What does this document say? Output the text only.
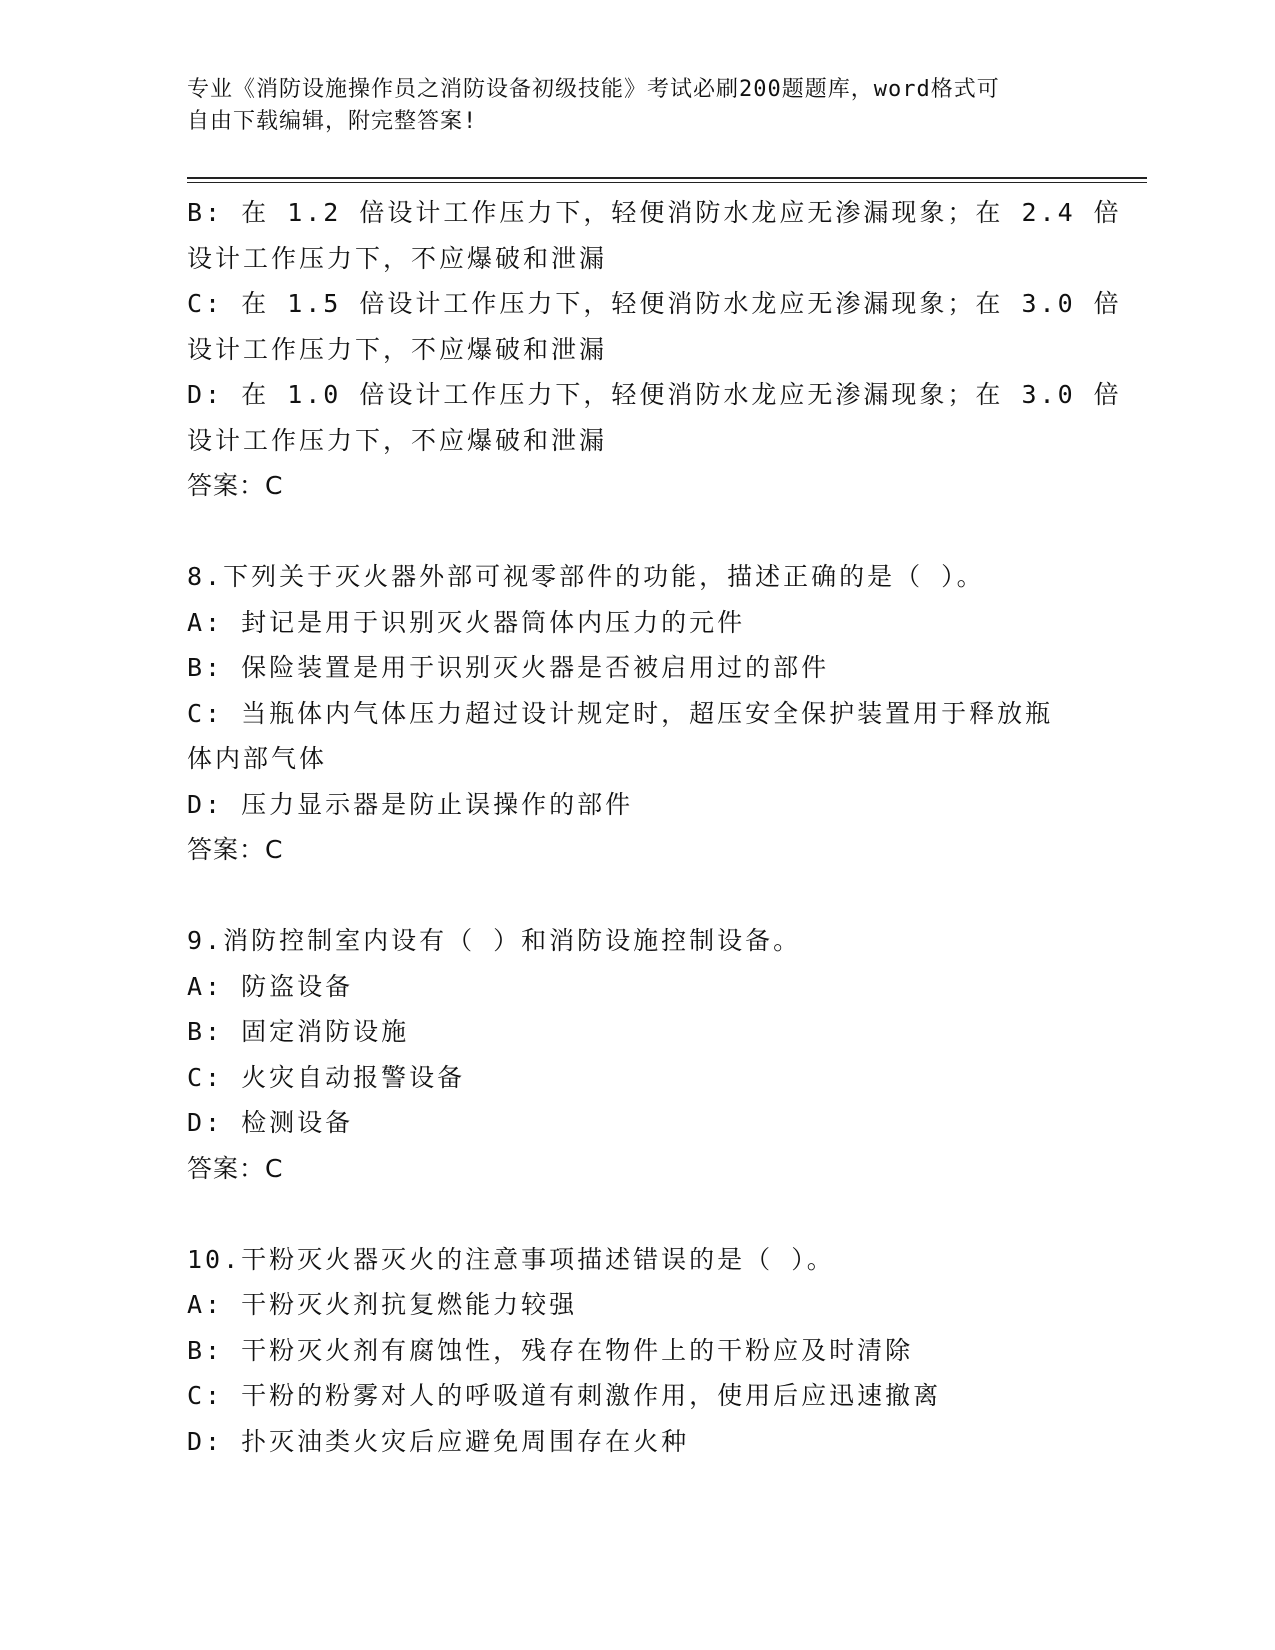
专业《消防设施操作员之消防设备初级技能》考试必刷200题题库，word格式可
自由下载编辑，附完整答案!
B: 在 1.2 倍设计工作压力下，轻便消防水龙应无渗漏现象；在 2.4 倍
设计工作压力下，不应爆破和泄漏
C: 在 1.5 倍设计工作压力下，轻便消防水龙应无渗漏现象；在 3.0 倍
设计工作压力下，不应爆破和泄漏
D: 在 1.0 倍设计工作压力下，轻便消防水龙应无渗漏现象；在 3.0 倍
设计工作压力下，不应爆破和泄漏
答案：C
8.下列关于灭火器外部可视零部件的功能，描述正确的是（ ）。
A: 封记是用于识别灭火器筒体内压力的元件
B: 保险装置是用于识别灭火器是否被启用过的部件
C: 当瓶体内气体压力超过设计规定时，超压安全保护装置用于释放瓶
体内部气体
D: 压力显示器是防止误操作的部件
答案：C
9.消防控制室内设有（ ）和消防设施控制设备。
A: 防盗设备
B: 固定消防设施
C: 火灾自动报警设备
D: 检测设备
答案：C
10.干粉灭火器灭火的注意事项描述错误的是（ ）。
A: 干粉灭火剂抗复燃能力较强
B: 干粉灭火剂有腐蚀性，残存在物件上的干粉应及时清除
C: 干粉的粉雾对人的呼吸道有刺激作用，使用后应迅速撤离
D: 扑灭油类火灾后应避免周围存在火种
